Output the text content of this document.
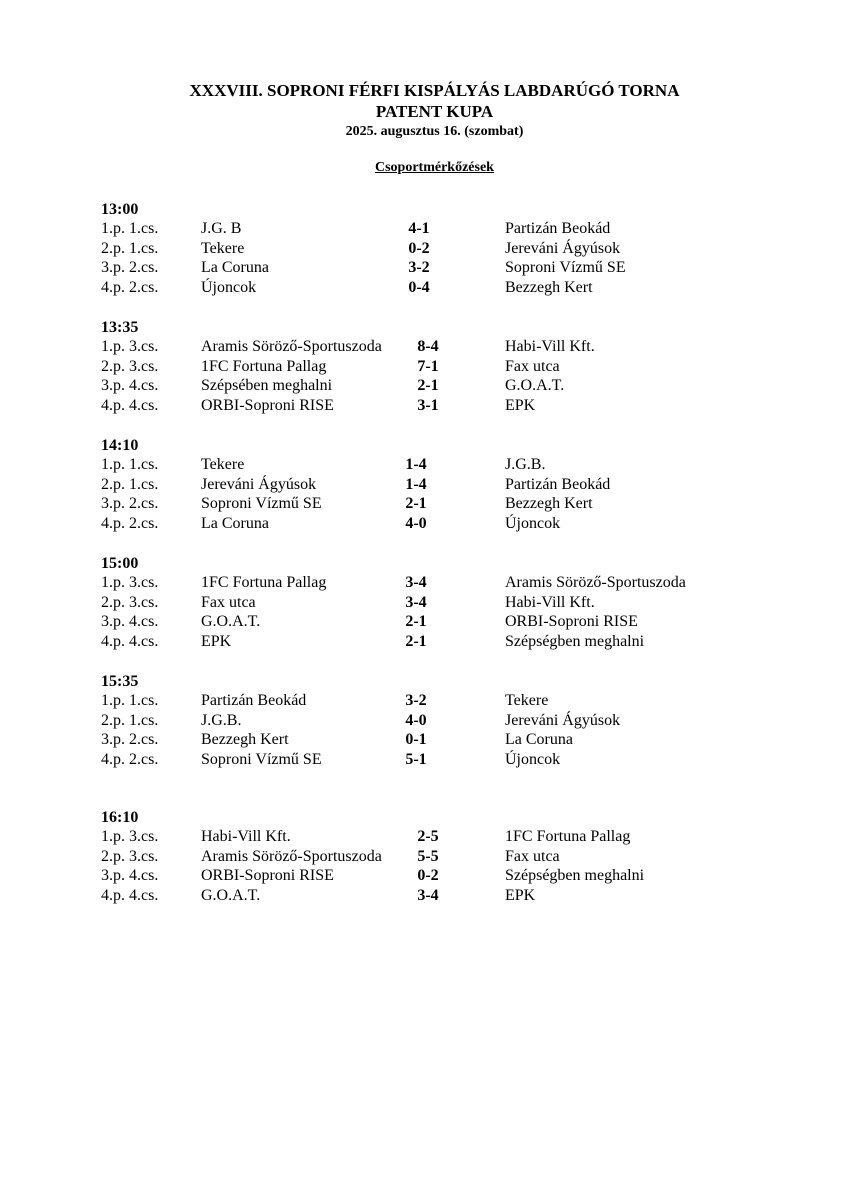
XXXVIII. SOPRONI FÉRFI KISPÁLYÁS LABDARÚGÓ TORNA
PATENT KUPA
2025. augusztus 16. (szombat)
Csoportmérkőzések
13:00
1.p. 1.cs.	J.G. B	4-1	Partizán Beokád
2.p. 1.cs.	Tekere	0-2	Jereváni Ágyúsok
3.p. 2.cs.	La Coruna	3-2	Soproni Vízmű SE
4.p. 2.cs.	Újoncok	0-4	Bezzegh Kert
13:35
1.p. 3.cs.	Aramis Söröző-Sportuszoda	8-4	Habi-Vill Kft.
2.p. 3.cs.	1FC Fortuna Pallag	7-1	Fax utca
3.p. 4.cs.	Szépsében meghalni	2-1	G.O.A.T.
4.p. 4.cs.	ORBI-Soproni RISE	3-1	EPK
14:10
1.p. 1.cs.	Tekere	1-4	J.G.B.
2.p. 1.cs.	Jereváni Ágyúsok	1-4	Partizán Beokád
3.p. 2.cs.	Soproni Vízmű SE	2-1	Bezzegh Kert
4.p. 2.cs.	La Coruna	4-0	Újoncok
15:00
1.p. 3.cs.	1FC Fortuna Pallag	3-4	Aramis Söröző-Sportuszoda
2.p. 3.cs.	Fax utca	3-4	Habi-Vill Kft.
3.p. 4.cs.	G.O.A.T.	2-1	ORBI-Soproni RISE
4.p. 4.cs.	EPK	2-1	Szépségben meghalni
15:35
1.p. 1.cs.	Partizán Beokád	3-2	Tekere
2.p. 1.cs.	J.G.B.	4-0	Jereváni Ágyúsok
3.p. 2.cs.	Bezzegh Kert	0-1	La Coruna
4.p. 2.cs.	Soproni Vízmű SE	5-1	Újoncok
16:10
1.p. 3.cs.	Habi-Vill Kft.	2-5	1FC Fortuna Pallag
2.p. 3.cs.	Aramis Söröző-Sportuszoda	5-5	Fax utca
3.p. 4.cs.	ORBI-Soproni RISE	0-2	Szépségben meghalni
4.p. 4.cs.	G.O.A.T.	3-4	EPK
